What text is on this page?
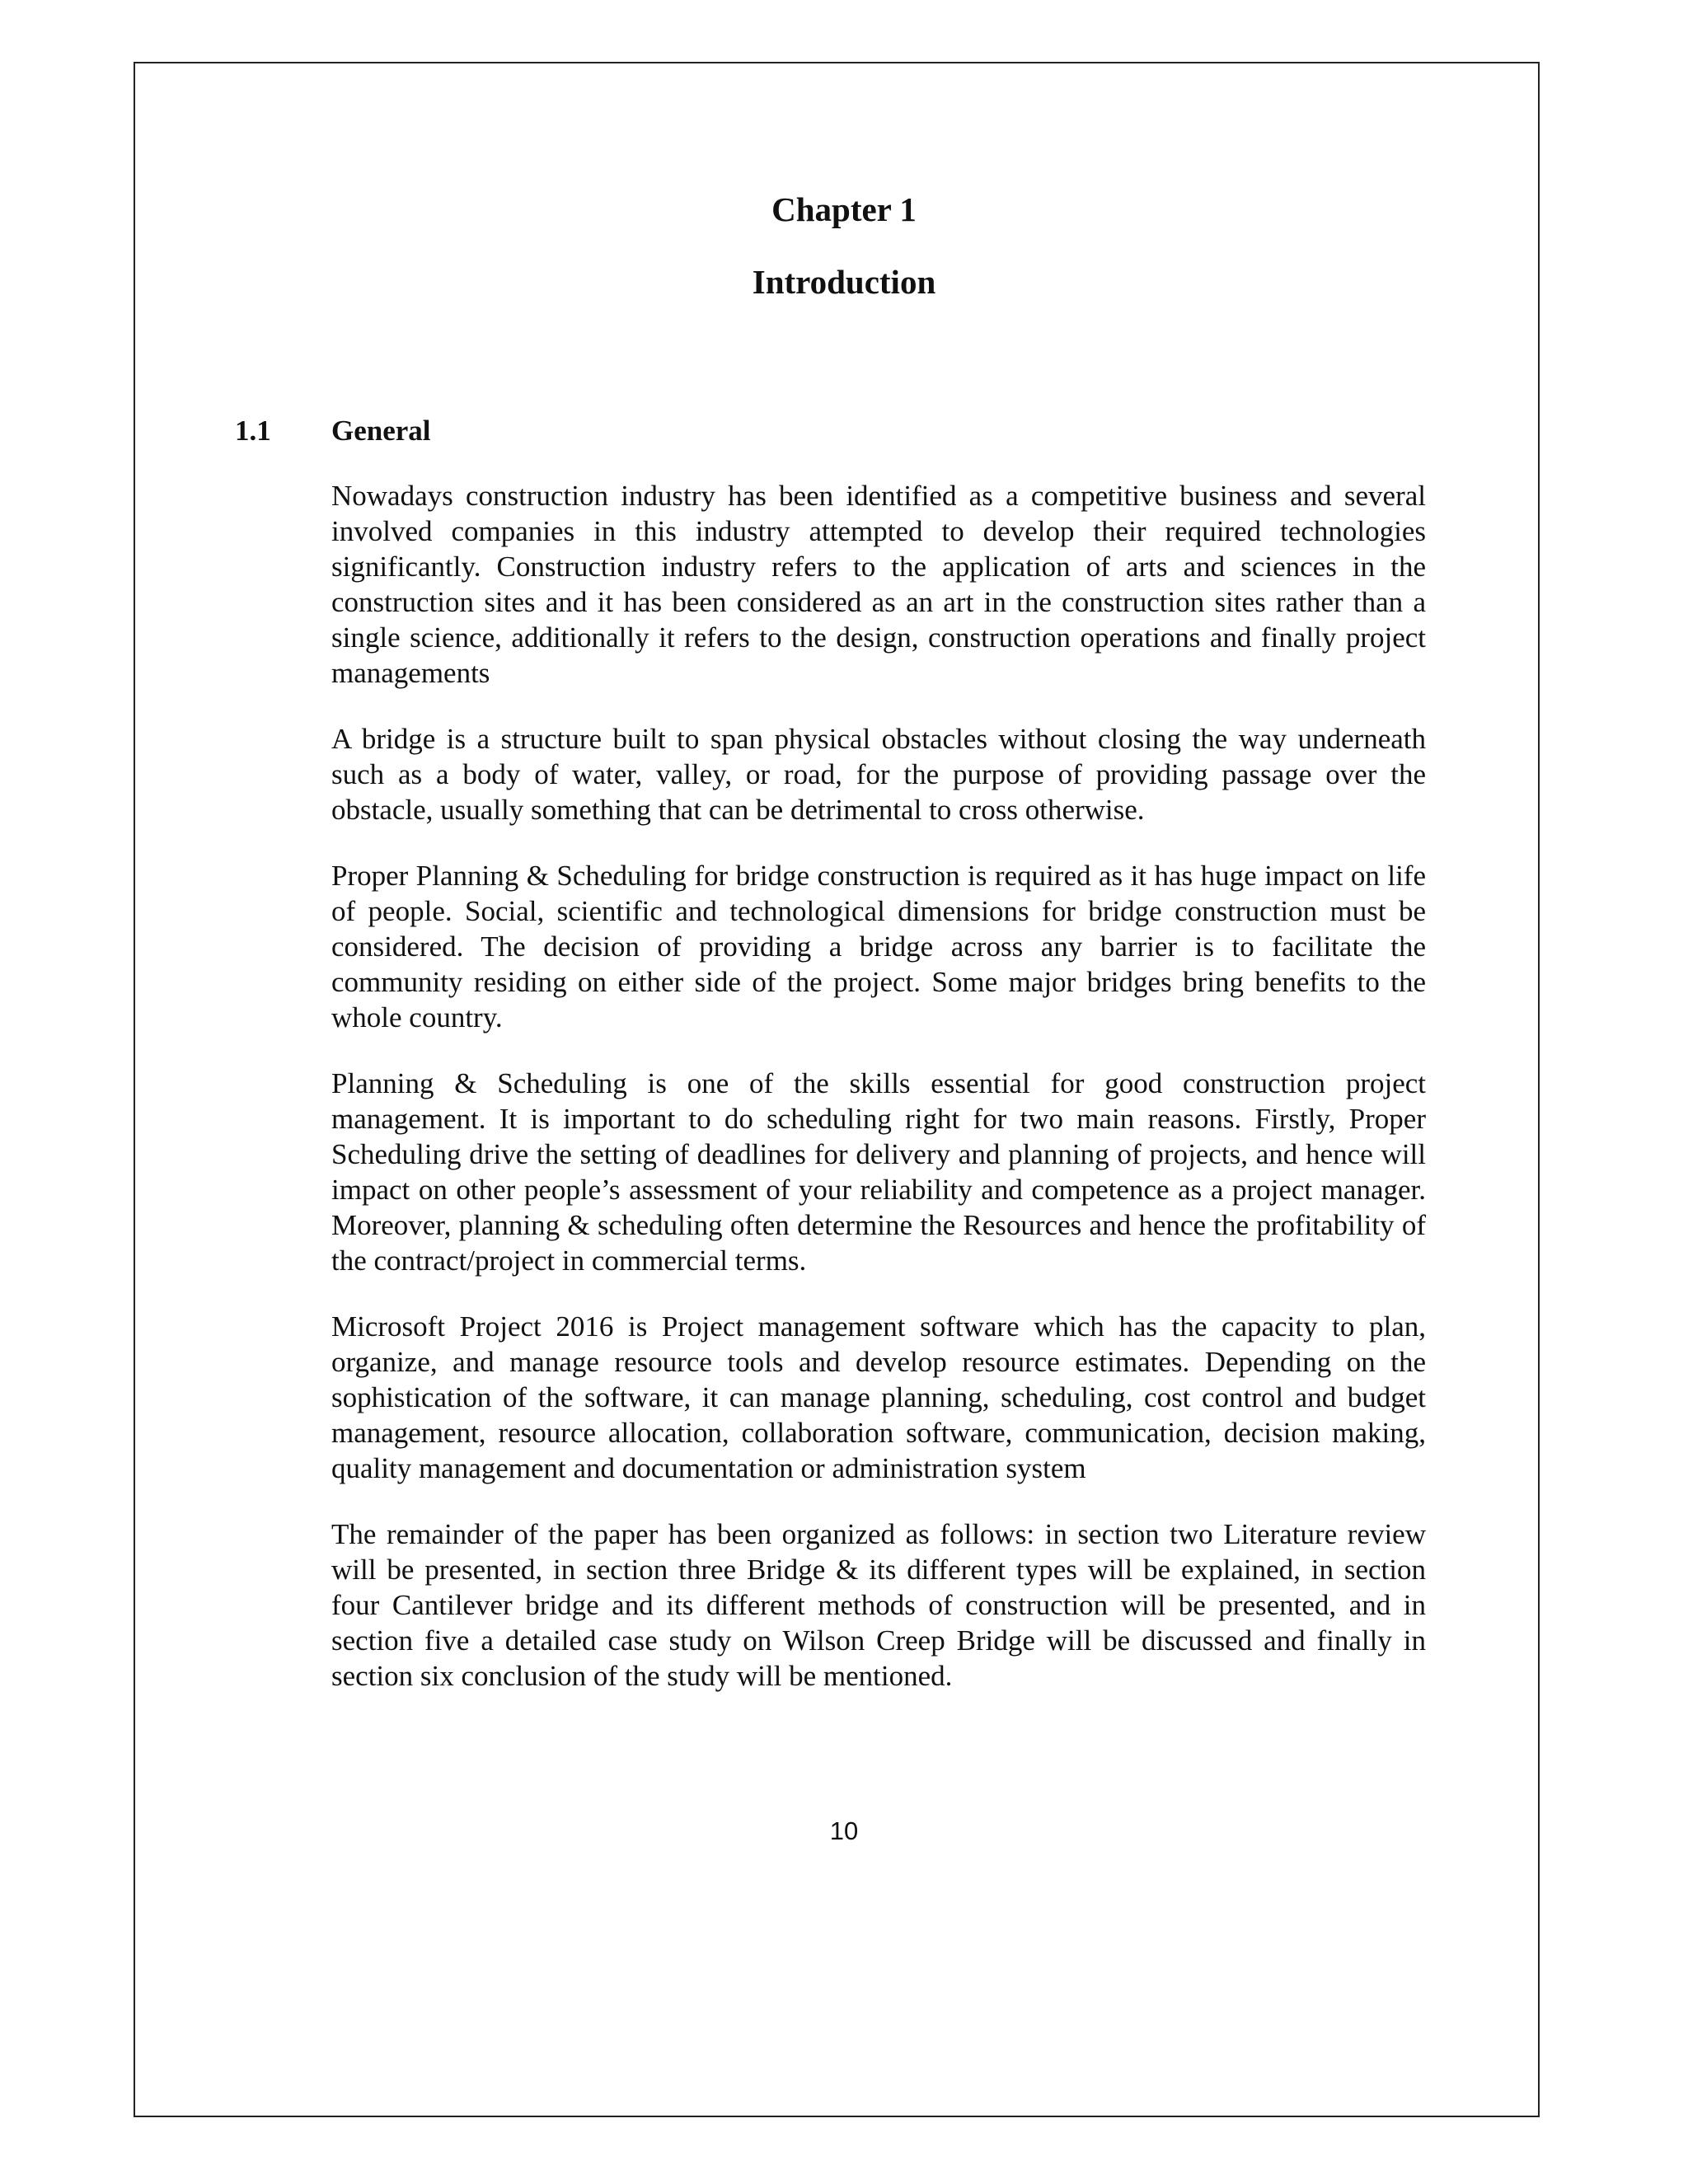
Chapter 1
Introduction
1.1 General

Nowadays construction industry has been identified as a competitive business and several involved companies in this industry attempted to develop their required technologies significantly. Construction industry refers to the application of arts and sciences in the construction sites and it has been considered as an art in the construction sites rather than a single science, additionally it refers to the design, construction operations and finally project managements

A bridge is a structure built to span physical obstacles without closing the way underneath such as a body of water, valley, or road, for the purpose of providing passage over the obstacle, usually something that can be detrimental to cross otherwise.

Proper Planning & Scheduling for bridge construction is required as it has huge impact on life of people. Social, scientific and technological dimensions for bridge construction must be considered. The decision of providing a bridge across any barrier is to facilitate the community residing on either side of the project. Some major bridges bring benefits to the whole country.

Planning & Scheduling is one of the skills essential for good construction project management. It is important to do scheduling right for two main reasons. Firstly, Proper Scheduling drive the setting of deadlines for delivery and planning of projects, and hence will impact on other people’s assessment of your reliability and competence as a project manager. Moreover, planning & scheduling often determine the Resources and hence the profitability of the contract/project in commercial terms.

Microsoft Project 2016 is Project management software which has the capacity to plan, organize, and manage resource tools and develop resource estimates. Depending on the sophistication of the software, it can manage planning, scheduling, cost control and budget management, resource allocation, collaboration software, communication, decision making, quality management and documentation or administration system

The remainder of the paper has been organized as follows: in section two Literature review will be presented, in section three Bridge & its different types will be explained, in section four Cantilever bridge and its different methods of construction will be presented, and in section five a detailed case study on Wilson Creep Bridge will be discussed and finally in section six conclusion of the study will be mentioned.

10
